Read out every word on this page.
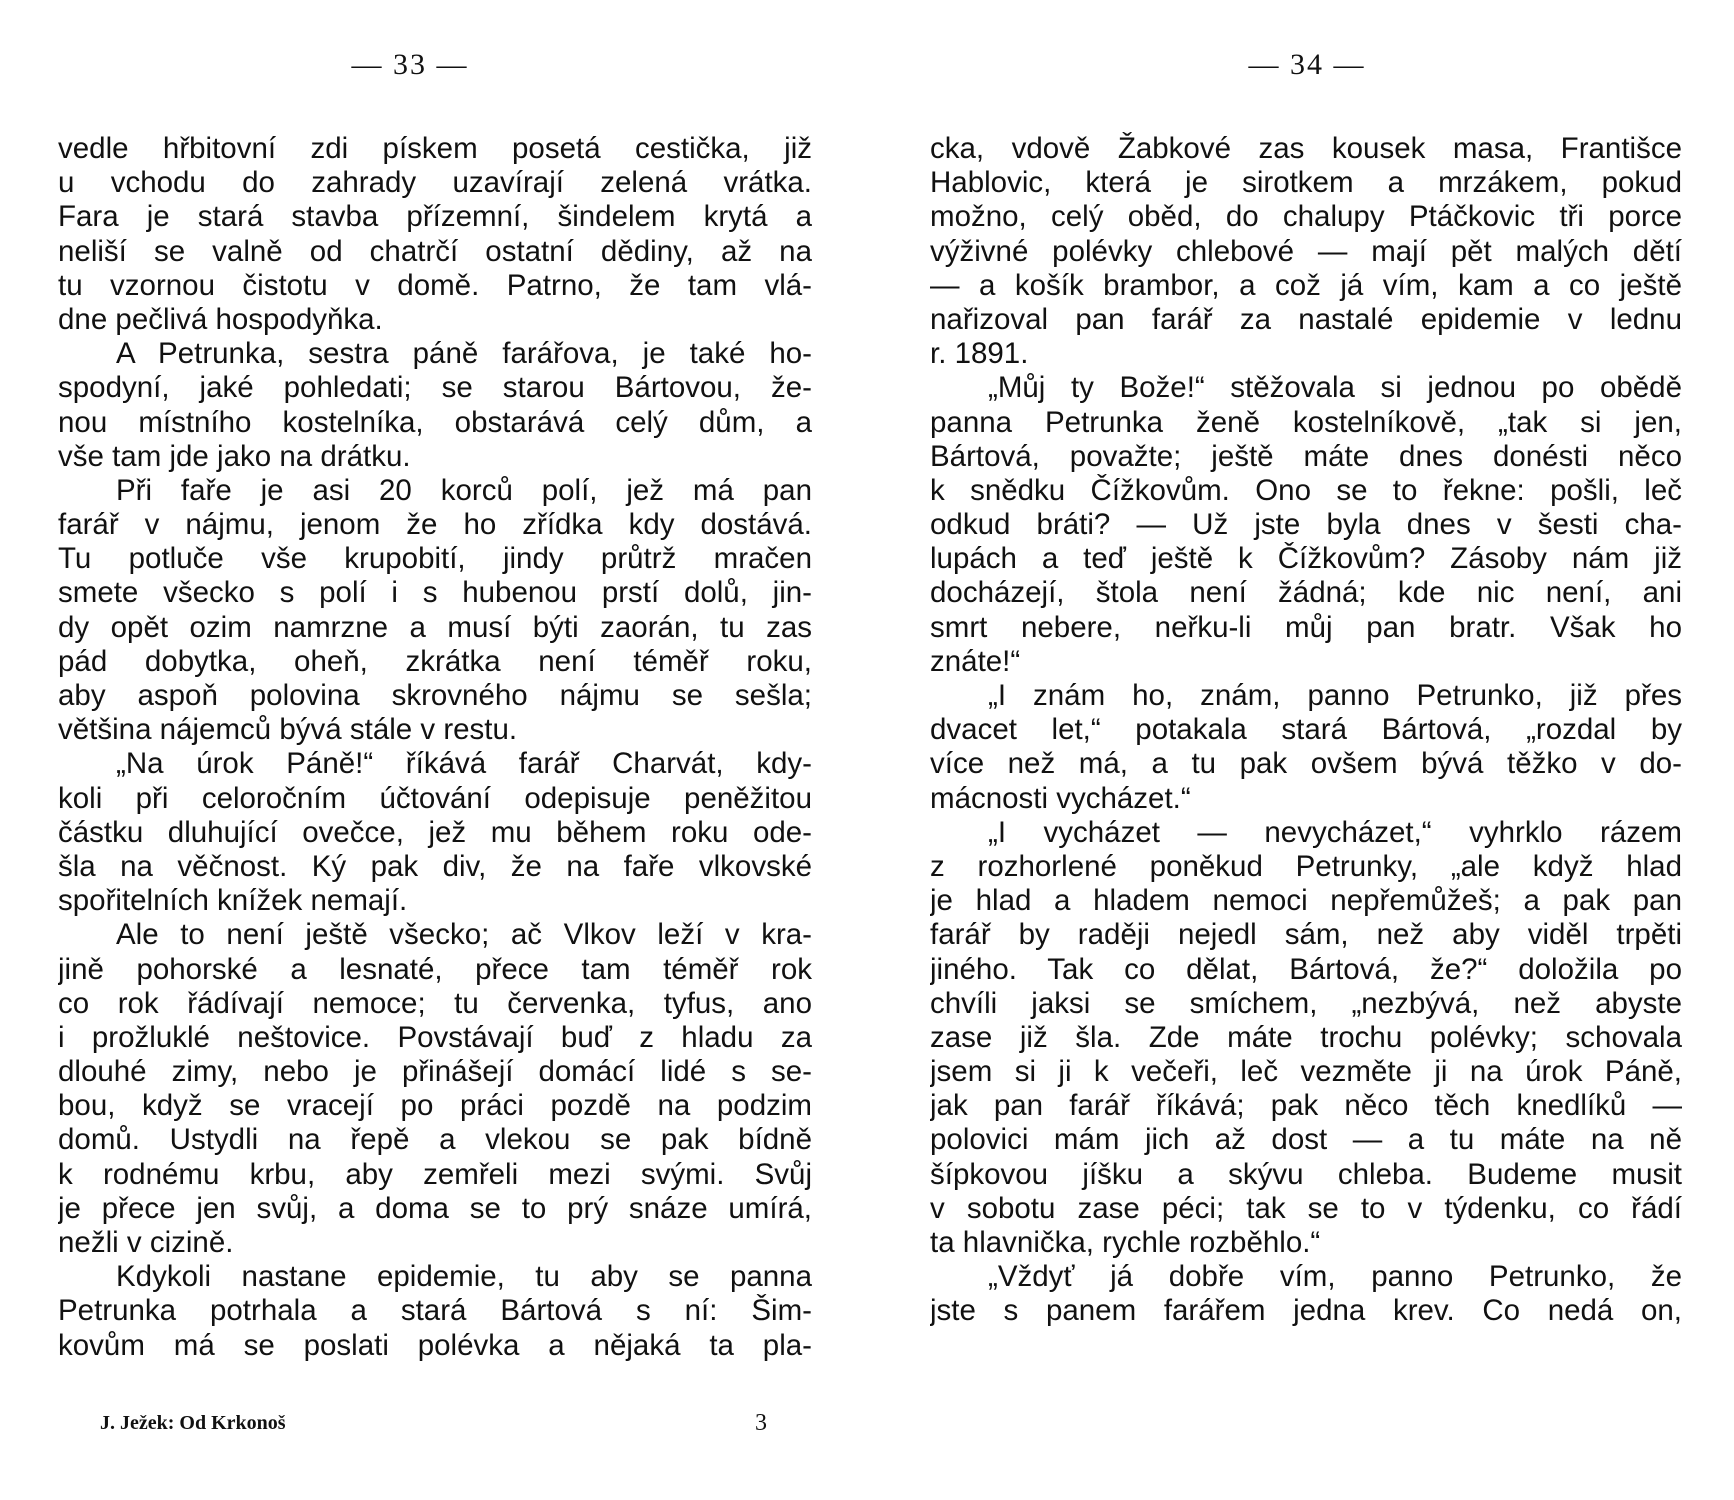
— 33 —
vedle hřbitovní zdi pískem posetá cestička, již
u vchodu do zahrady uzavírají zelená vrátka.
Fara je stará stavba přízemní, šindelem krytá a
neliší se valně od chatrčí ostatní dědiny, až na
tu vzornou čistotu v domě. Patrno, že tam vlá-
dne pečlivá hospodyňka.
A Petrunka, sestra páně farářova, je také ho-
spodyní, jaké pohledati; se starou Bártovou, že-
nou místního kostelníka, obstarává celý dům, a
vše tam jde jako na drátku.
Při faře je asi 20 korců polí, jež má pan
farář v nájmu, jenom že ho zřídka kdy dostává.
Tu potluče vše krupobití, jindy průtrž mračen
smete všecko s polí i s hubenou prstí dolů, jin-
dy opět ozim namrzne a musí býti zaorán, tu zas
pád dobytka, oheň, zkrátka není téměř roku,
aby aspoň polovina skrovného nájmu se sešla;
většina nájemců bývá stále v restu.
„Na úrok Páně!“ říkává farář Charvát, kdy-
koli při celoročním účtování odepisuje peněžitou
částku dluhující ovečce, jež mu během roku ode-
šla na věčnost. Ký pak div, že na faře vlkovské
spořitelních knížek nemají.
Ale to není ještě všecko; ač Vlkov leží v kra-
jině pohorské a lesnaté, přece tam téměř rok
co rok řádívají nemoce; tu červenka, tyfus, ano
i prožluklé neštovice. Povstávají buď z hladu za
dlouhé zimy, nebo je přinášejí domácí lidé s se-
bou, když se vracejí po práci pozdě na podzim
domů. Ustydli na řepě a vlekou se pak bídně
k rodnému krbu, aby zemřeli mezi svými. Svůj
je přece jen svůj, a doma se to prý snáze umírá,
nežli v cizině.
Kdykoli nastane epidemie, tu aby se panna
Petrunka potrhala a stará Bártová s ní: Šim-
kovům má se poslati polévka a nějaká ta pla-
J. Ježek: Od Krkonoš	3
— 34 —
cka, vdově Žabkové zas kousek masa, Františce
Hablovic, která je sirotkem a mrzákem, pokud
možno, celý oběd, do chalupy Ptáčkovic tři porce
výživné polévky chlebové — mají pět malých dětí
— a košík brambor, a což já vím, kam a co ještě
nařizoval pan farář za nastalé epidemie v lednu
r. 1891.
„Můj ty Bože!“ stěžovala si jednou po obědě
panna Petrunka ženě kostelníkově, „tak si jen,
Bártová, považte; ještě máte dnes donésti něco
k snědku Čížkovům. Ono se to řekne: pošli, leč
odkud bráti? — Už jste byla dnes v šesti cha-
lupách a teď ještě k Čížkovům? Zásoby nám již
docházejí, štola není žádná; kde nic není, ani
smrt nebere, neřku-li můj pan bratr. Však ho
znáte!“
„I znám ho, znám, panno Petrunko, již přes
dvacet let,“ potakala stará Bártová, „rozdal by
více než má, a tu pak ovšem bývá těžko v do-
mácnosti vycházet.“
„I vycházet — nevycházet,“ vyhrklo rázem
z rozhorlené poněkud Petrunky, „ale když hlad
je hlad a hladem nemoci nepřemůžeš; a pak pan
farář by raději nejedl sám, než aby viděl trpěti
jiného. Tak co dělat, Bártová, že?“ doložila po
chvíli jaksi se smíchem, „nezbývá, než abyste
zase již šla. Zde máte trochu polévky; schovala
jsem si ji k večeři, leč vezměte ji na úrok Páně,
jak pan farář říkává; pak něco těch knedlíků —
polovici mám jich až dost — a tu máte na ně
šípkovou jíšku a skývu chleba. Budeme musit
v sobotu zase péci; tak se to v týdenku, co řádí
ta hlavnička, rychle rozběhlo.“
„Vždyť já dobře vím, panno Petrunko, že
jste s panem farářem jedna krev. Co nedá on,
